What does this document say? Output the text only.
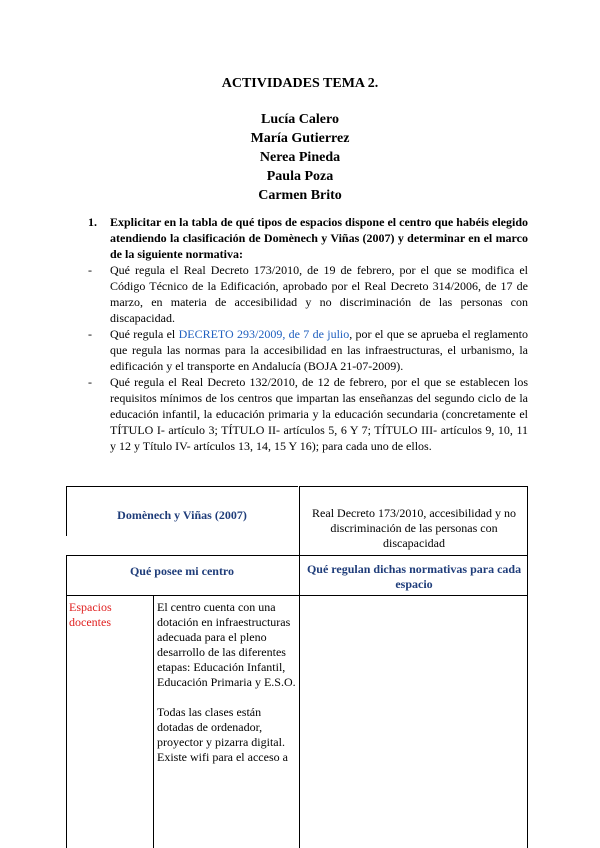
ACTIVIDADES TEMA 2.
Lucía Calero
María Gutierrez
Nerea Pineda
Paula Poza
Carmen Brito
1. Explicitar en la tabla de qué tipos de espacios dispone el centro que habéis elegido atendiendo la clasificación de Domènech y Viñas (2007) y determinar en el marco de la siguiente normativa:
- Qué regula el Real Decreto 173/2010, de 19 de febrero, por el que se modifica el Código Técnico de la Edificación, aprobado por el Real Decreto 314/2006, de 17 de marzo, en materia de accesibilidad y no discriminación de las personas con discapacidad.
- Qué regula el DECRETO 293/2009, de 7 de julio, por el que se aprueba el reglamento que regula las normas para la accesibilidad en las infraestructuras, el urbanismo, la edificación y el transporte en Andalucía (BOJA 21-07-2009).
- Qué regula el Real Decreto 132/2010, de 12 de febrero, por el que se establecen los requisitos mínimos de los centros que impartan las enseñanzas del segundo ciclo de la educación infantil, la educación primaria y la educación secundaria (concretamente el TÍTULO I- artículo 3; TÍTULO II- artículos 5, 6 Y 7; TÍTULO III- artículos 9, 10, 11 y 12 y Título IV- artículos 13, 14, 15 Y 16); para cada uno de ellos.
Domènech y Viñas (2007)	Real Decreto 173/2010, accesibilidad y no discriminación de las personas con discapacidad
Qué posee mi centro	Qué regulan dichas normativas para cada espacio
Espacios docentes

El centro cuenta con una dotación en infraestructuras adecuada para el pleno desarrollo de las diferentes etapas: Educación Infantil, Educación Primaria y E.S.O.

Todas las clases están dotadas de ordenador, proyector y pizarra digital. Existe wifi para el acceso a
